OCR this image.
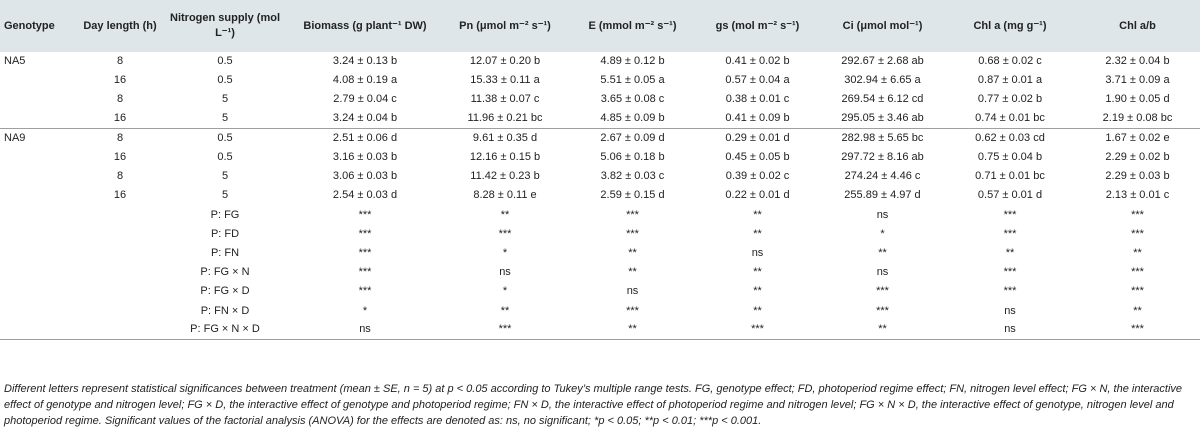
Genotype	Day length (h)	Nitrogen supply (mol L⁻¹)	Biomass (g plant⁻¹ DW)	Pn (μmol m⁻² s⁻¹)	E (mmol m⁻² s⁻¹)	gs (mol m⁻² s⁻¹)	Ci (μmol mol⁻¹)	Chl a (mg g⁻¹)	Chl a/b
NA5	8	0.5	3.24 ± 0.13 b	12.07 ± 0.20 b	4.89 ± 0.12 b	0.41 ± 0.02 b	292.67 ± 2.68 ab	0.68 ± 0.02 c	2.32 ± 0.04 b
	16	0.5	4.08 ± 0.19 a	15.33 ± 0.11 a	5.51 ± 0.05 a	0.57 ± 0.04 a	302.94 ± 6.65 a	0.87 ± 0.01 a	3.71 ± 0.09 a
	8	5	2.79 ± 0.04 c	11.38 ± 0.07 c	3.65 ± 0.08 c	0.38 ± 0.01 c	269.54 ± 6.12 cd	0.77 ± 0.02 b	1.90 ± 0.05 d
	16	5	3.24 ± 0.04 b	11.96 ± 0.21 bc	4.85 ± 0.09 b	0.41 ± 0.09 b	295.05 ± 3.46 ab	0.74 ± 0.01 bc	2.19 ± 0.08 bc
NA9	8	0.5	2.51 ± 0.06 d	9.61 ± 0.35 d	2.67 ± 0.09 d	0.29 ± 0.01 d	282.98 ± 5.65 bc	0.62 ± 0.03 cd	1.67 ± 0.02 e
	16	0.5	3.16 ± 0.03 b	12.16 ± 0.15 b	5.06 ± 0.18 b	0.45 ± 0.05 b	297.72 ± 8.16 ab	0.75 ± 0.04 b	2.29 ± 0.02 b
	8	5	3.06 ± 0.03 b	11.42 ± 0.23 b	3.82 ± 0.03 c	0.39 ± 0.02 c	274.24 ± 4.46 c	0.71 ± 0.01 bc	2.29 ± 0.03 b
	16	5	2.54 ± 0.03 d	8.28 ± 0.11 e	2.59 ± 0.15 d	0.22 ± 0.01 d	255.89 ± 4.97 d	0.57 ± 0.01 d	2.13 ± 0.01 c
		P: FG	***	**	***	**	ns	***	***
		P: FD	***	***	***	**	*	***	***
		P: FN	***	*	**	ns	**	**	**
		P: FG × N	***	ns	**	**	ns	***	***
		P: FG × D	***	*	ns	**	***	***	***
		P: FN × D	*	**	***	**	***	ns	**
		P: FG × N × D	ns	***	**	***	**	ns	***
Different letters represent statistical significances between treatment (mean ± SE, n = 5) at p < 0.05 according to Tukey’s multiple range tests. FG, genotype effect; FD, photoperiod regime effect; FN, nitrogen level effect; FG × N, the interactive effect of genotype and nitrogen level; FG × D, the interactive effect of genotype and photoperiod regime; FN × D, the interactive effect of photoperiod regime and nitrogen level; FG × N × D, the interactive effect of genotype, nitrogen level and photoperiod regime. Significant values of the factorial analysis (ANOVA) for the effects are denoted as: ns, no significant; *p < 0.05; **p < 0.01; ***p < 0.001.
